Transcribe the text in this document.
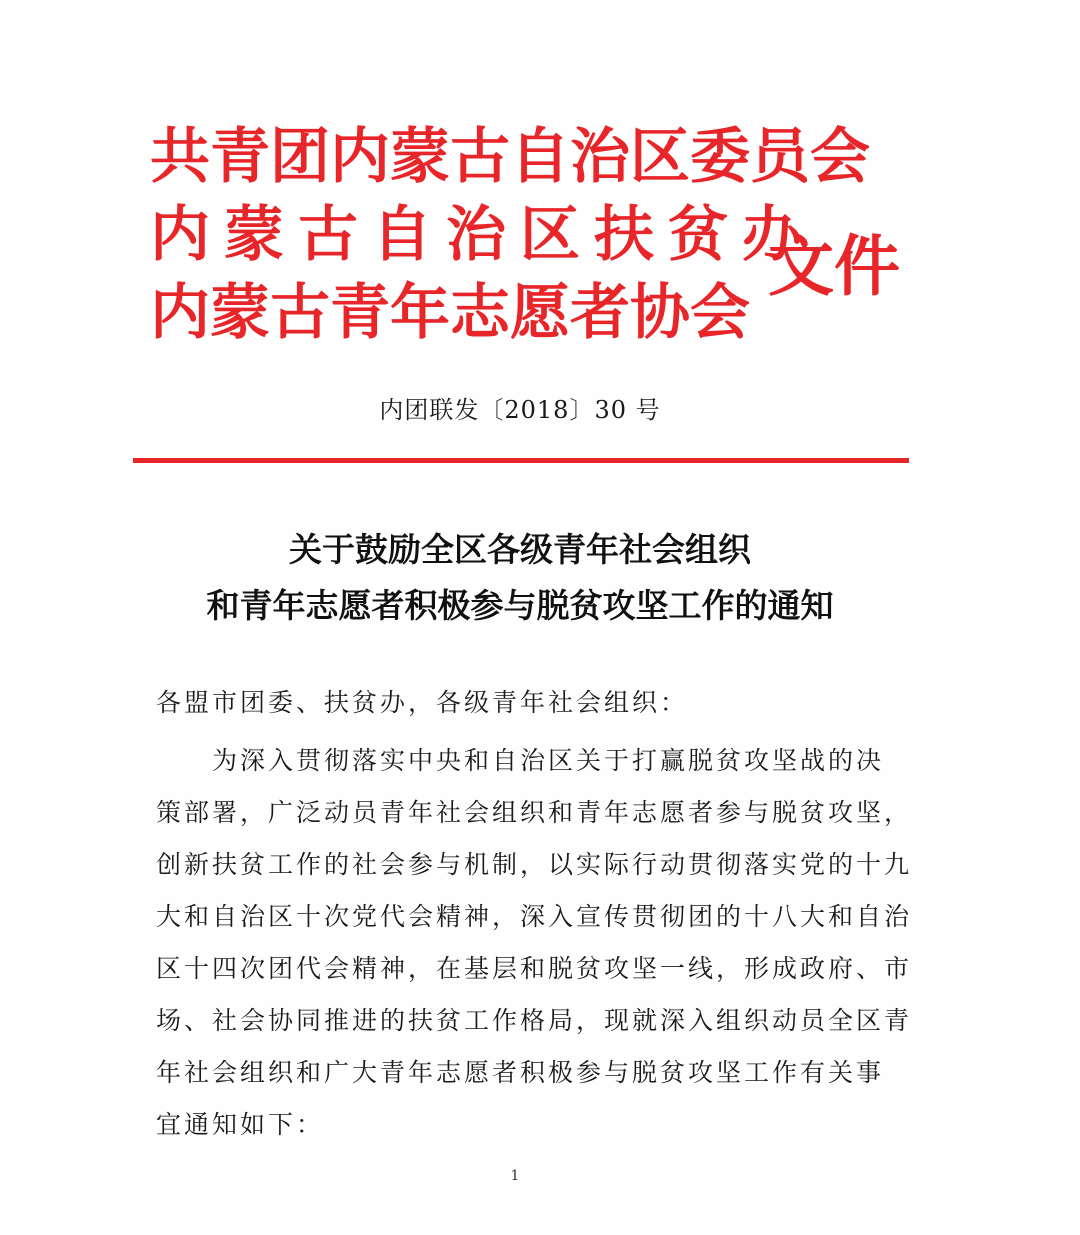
共青团内蒙古自治区委员会
内蒙古自治区扶贫办
内蒙古青年志愿者协会
文件
内团联发〔2018〕30 号
关于鼓励全区各级青年社会组织
和青年志愿者积极参与脱贫攻坚工作的通知
各盟市团委、扶贫办，各级青年社会组织：
为深入贯彻落实中央和自治区关于打赢脱贫攻坚战的决
策部署，广泛动员青年社会组织和青年志愿者参与脱贫攻坚，
创新扶贫工作的社会参与机制，以实际行动贯彻落实党的十九
大和自治区十次党代会精神，深入宣传贯彻团的十八大和自治
区十四次团代会精神，在基层和脱贫攻坚一线，形成政府、市
场、社会协同推进的扶贫工作格局，现就深入组织动员全区青
年社会组织和广大青年志愿者积极参与脱贫攻坚工作有关事
宜通知如下：
1
